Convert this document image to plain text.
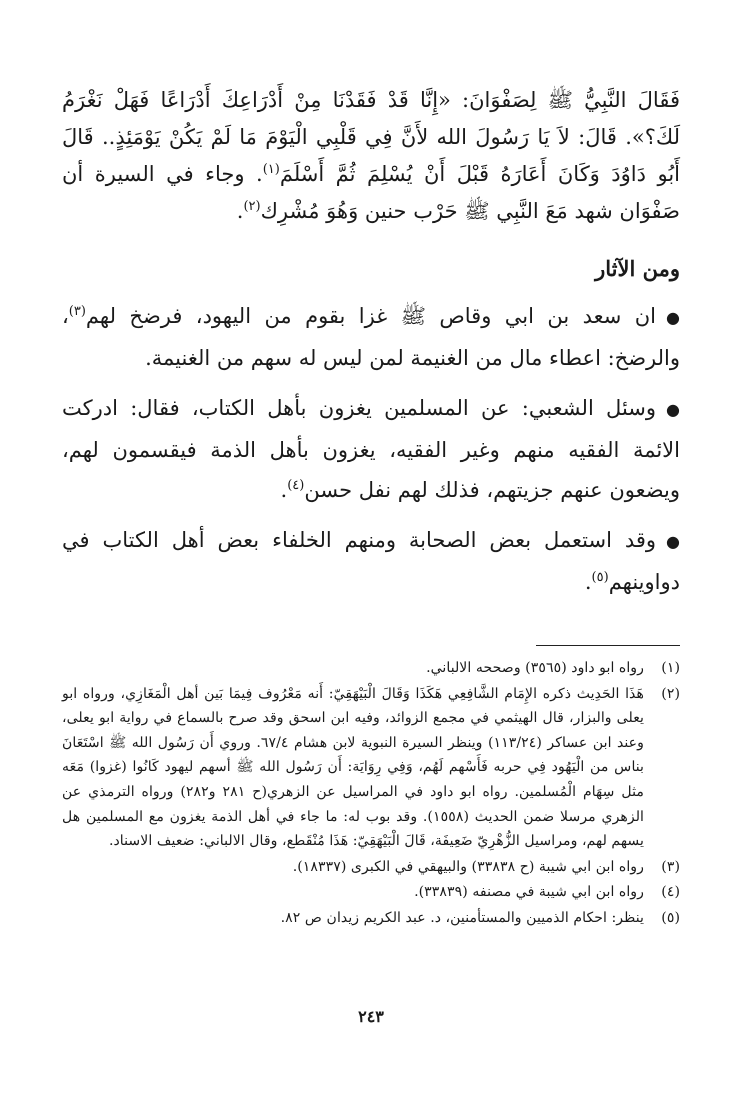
فَقَالَ النَّبِيُّ ﷺ لِصَفْوَانَ: «إِنَّا قَدْ فَقَدْنَا مِنْ أَدْرَاعِكَ أَدْرَاعًا فَهَلْ نَغْرَمُ لَكَ؟». قَالَ: لاَ يَا رَسُولَ الله لأَنَّ فِي قَلْبِي الْيَوْمَ مَا لَمْ يَكُنْ يَوْمَئِذٍ.. قَالَ أَبُو دَاوُدَ وَكَانَ أَعَارَهُ قَبْلَ أَنْ يُسْلِمَ ثُمَّ أَسْلَمَ$^{(١)}$. وجاء في السيرة أن صَفْوَان شهد مَعَ النَّبِي ﷺ حَرْب حنين وَهُوَ مُشْرِك$^{(٢)}$.

ومن الآثار

●ان سعد بن ابي وقاص ﷺ غزا بقوم من اليهود، فرضخ لهم$^{(٣)}$، والرضخ: اعطاء مال من الغنيمة لمن ليس له سهم من الغنيمة.

●وسئل الشعبي: عن المسلمين يغزون بأهل الكتاب، فقال: ادركت الائمة الفقيه منهم وغير الفقيه، يغزون بأهل الذمة فيقسمون لهم، ويضعون عنهم جزيتهم، فذلك لهم نفل حسن$^{(٤)}$.

●وقد استعمل بعض الصحابة ومنهم الخلفاء بعض أهل الكتاب في دواوينهم$^{(٥)}$.

(١)
رواه ابو داود (٣٥٦٥) وصححه الالباني.
(٢)
هَذَا الحَدِيث ذكره الإِمَام الشَّافِعِي هَكَذَا وَقَالَ الْبَيْهَقِيّ: أَنه مَعْرُوف فِيمَا بَين أهل الْمَغَازِي، ورواه ابو يعلى والبزار، قال الهيثمي في مجمع الزوائد، وفيه ابن اسحق وقد صرح بالسماع في رواية ابو يعلى، وعند ابن عساكر (١١٣/٢٤) وينظر السيرة النبوية لابن هشام ٦٧/٤. وروي أَن رَسُول الله ﷺ اسْتَعَانَ بناس من الْيَهُود فِي حربه فَأَسْهم لَهُم، وَفِي رِوَايَة: أَن رَسُول الله ﷺ أسهم ليهود كَانُوا (غزوا) مَعَه مثل سِهَام الْمُسلمين. رواه ابو داود في المراسيل عن الزهري(ح ٢٨١ و٢٨٢) ورواه الترمذي عن الزهري مرسلا ضمن الحديث (١٥٥٨). وقد بوب له: ما جاء في أهل الذمة يغزون مع المسلمين هل يسهم لهم، ومراسيل الزُّهْرِيّ ضَعِيفَة، قَالَ الْبَيْهَقِيّ: هَذَا مُنْقَطع، وقال الالباني: ضعيف الاسناد.
(٣)
رواه ابن ابي شيبة (ح ٣٣٨٣٨) والبيهقي في الكبرى (١٨٣٣٧).
(٤)
رواه ابن ابي شيبة في مصنفه (٣٣٨٣٩).
(٥)
ينظر: احكام الذميين والمستأمنين، د. عبد الكريم زيدان ص ٨٢.
٢٤٣
